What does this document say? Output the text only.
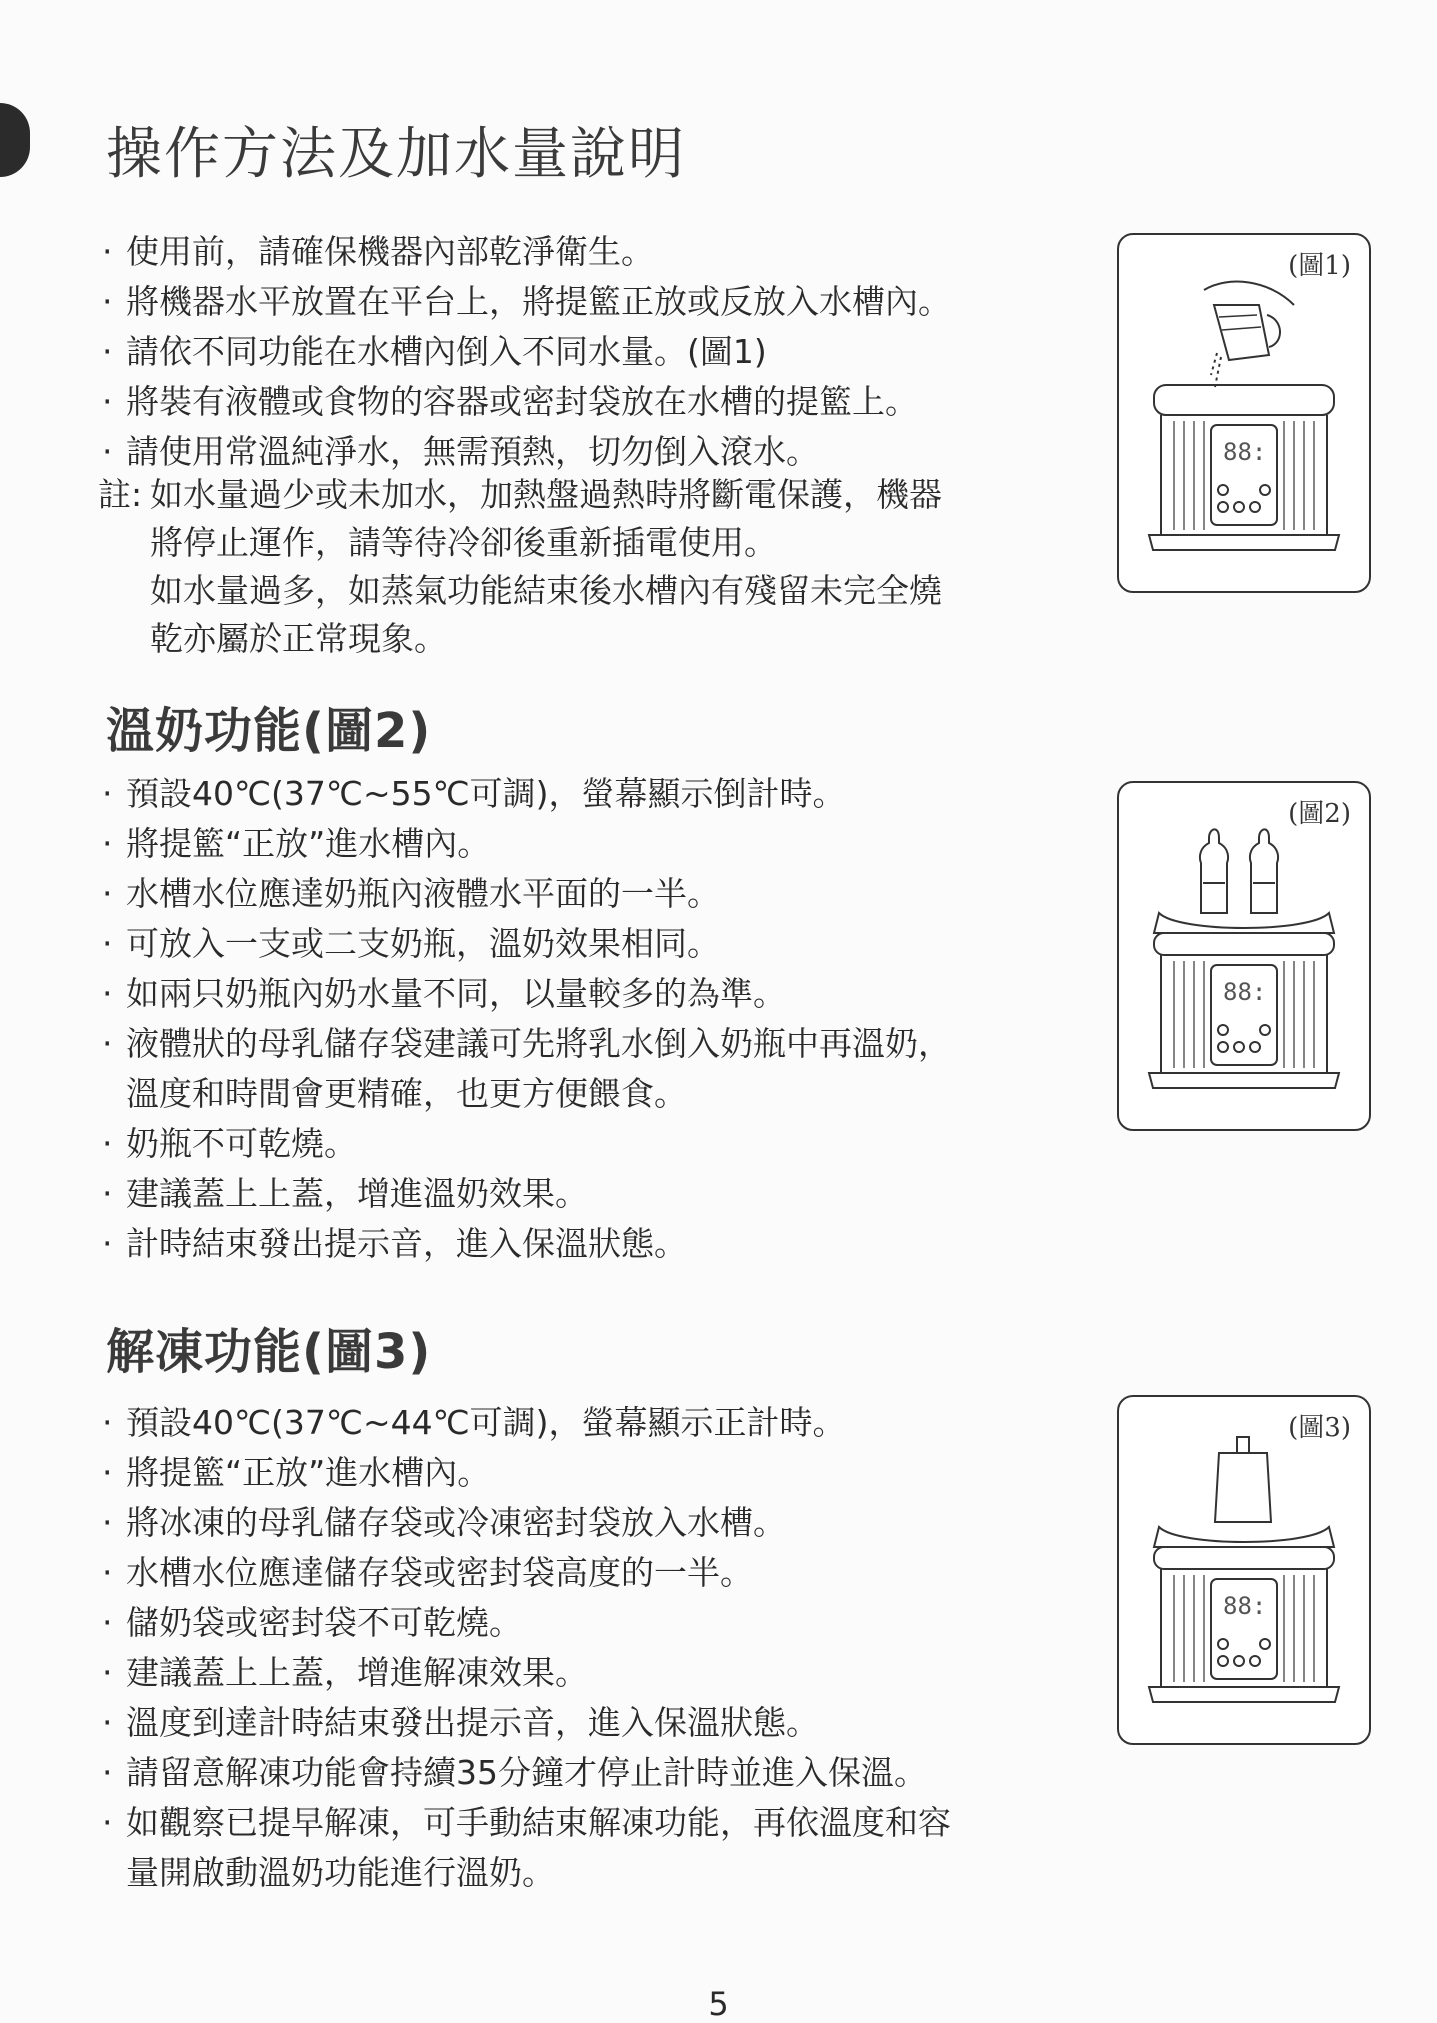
操作方法及加水量說明
· 使用前，請確保機器內部乾淨衛生。
· 將機器水平放置在平台上，將提籃正放或反放入水槽內。
· 請依不同功能在水槽內倒入不同水量。(圖1)
· 將裝有液體或食物的容器或密封袋放在水槽的提籃上。
· 請使用常溫純淨水，無需預熱，切勿倒入滾水。
註: 如水量過少或未加水，加熱盤過熱時將斷電保護，機器
將停止運作，請等待冷卻後重新插電使用。
如水量過多，如蒸氣功能結束後水槽內有殘留未完全燒
乾亦屬於正常現象。
溫奶功能(圖2)
· 預設40℃(37℃~55℃可調)，螢幕顯示倒計時。
· 將提籃“正放”進水槽內。
· 水槽水位應達奶瓶內液體水平面的一半。
· 可放入一支或二支奶瓶，溫奶效果相同。
· 如兩只奶瓶內奶水量不同，以量較多的為準。
· 液體狀的母乳儲存袋建議可先將乳水倒入奶瓶中再溫奶，
溫度和時間會更精確，也更方便餵食。
· 奶瓶不可乾燒。
· 建議蓋上上蓋，增進溫奶效果。
· 計時結束發出提示音，進入保溫狀態。
解凍功能(圖3)
· 預設40℃(37℃~44℃可調)，螢幕顯示正計時。
· 將提籃“正放”進水槽內。
· 將冰凍的母乳儲存袋或冷凍密封袋放入水槽。
· 水槽水位應達儲存袋或密封袋高度的一半。
· 儲奶袋或密封袋不可乾燒。
· 建議蓋上上蓋，增進解凍效果。
· 溫度到達計時結束發出提示音，進入保溫狀態。
· 請留意解凍功能會持續35分鐘才停止計時並進入保溫。
· 如觀察已提早解凍，可手動結束解凍功能，再依溫度和容
量開啟動溫奶功能進行溫奶。
(圖1)
88:
(圖2)
88:
(圖3)
88:
5
